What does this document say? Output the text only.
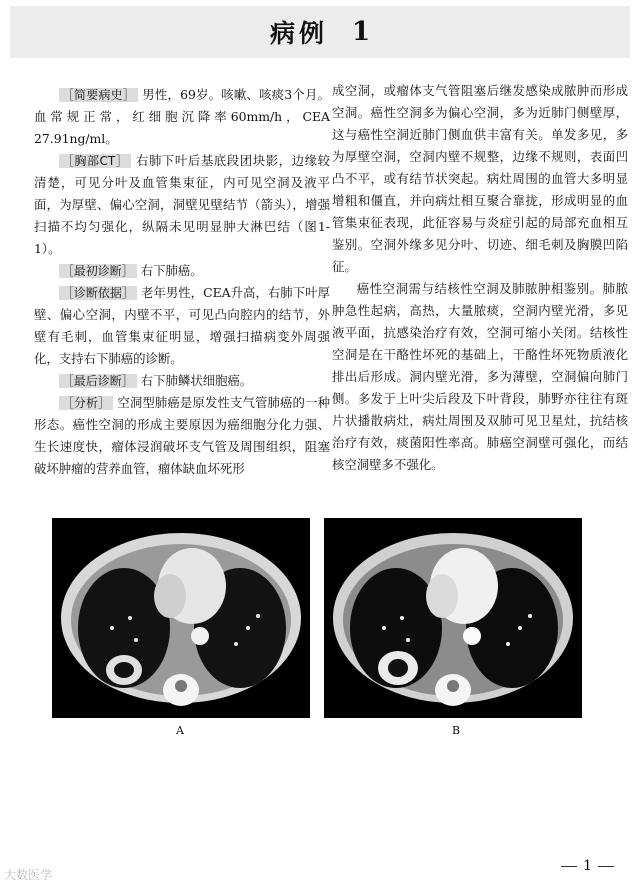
病例 1

［简要病史］ 男性，69岁。咳嗽、咳痰3个月。血常规正常，红细胞沉降率60mm/h，CEA 27.91ng/ml。

［胸部CT］ 右肺下叶后基底段团块影，边缘较清楚，可见分叶及血管集束征，内可见空洞及液平面，为厚壁、偏心空洞，洞壁见壁结节（箭头），增强扫描不均匀强化，纵隔未见明显肿大淋巴结（图1-1）。

［最初诊断］ 右下肺癌。

［诊断依据］ 老年男性，CEA升高，右肺下叶厚壁、偏心空洞，内壁不平，可见凸向腔内的结节，外壁有毛刺，血管集束征明显，增强扫描病变外周强化，支持右下肺癌的诊断。

［最后诊断］ 右下肺鳞状细胞癌。

［分析］ 空洞型肺癌是原发性支气管肺癌的一种形态。癌性空洞的形成主要原因为癌细胞分化力强、生长速度快，瘤体浸润破坏支气管及周围组织，阻塞破坏肿瘤的营养血管，瘤体缺血坏死形

成空洞，或瘤体支气管阻塞后继发感染成脓肿而形成空洞。癌性空洞多为偏心空洞，多为近肺门侧壁厚，这与癌性空洞近肺门侧血供丰富有关。单发多见，多为厚壁空洞，空洞内壁不规整，边缘不规则，表面凹凸不平，或有结节状突起。病灶周围的血管大多明显增粗和僵直，并向病灶相互聚合靠拢，形成明显的血管集束征表现，此征容易与炎症引起的局部充血相互鉴别。空洞外缘多见分叶、切迹、细毛刺及胸膜凹陷征。

癌性空洞需与结核性空洞及肺脓肿相鉴别。肺脓肿急性起病，高热，大量脓痰，空洞内壁光滑，多见液平面，抗感染治疗有效，空洞可缩小关闭。结核性空洞是在干酪性坏死的基础上，干酪性坏死物质液化排出后形成。洞内壁光滑，多为薄壁，空洞偏向肺门侧。多发于上叶尖后段及下叶背段，肺野亦往往有斑片状播散病灶，病灶周围及双肺可见卫星灶，抗结核治疗有效，痰菌阳性率高。肺癌空洞壁可强化，而结核空洞壁多不强化。

A	B
1
大数医学
